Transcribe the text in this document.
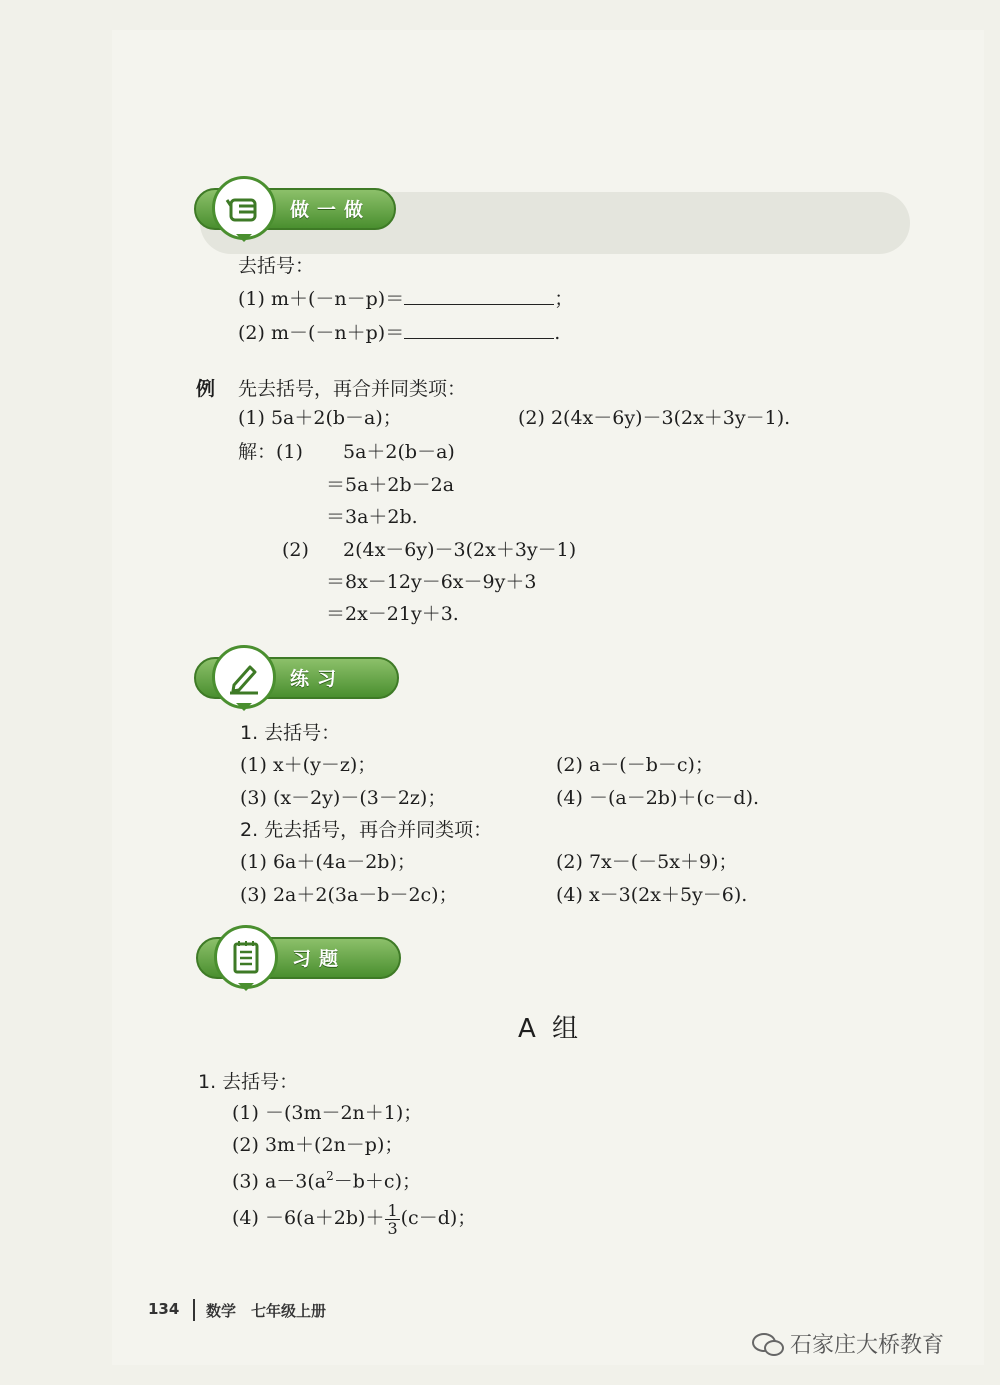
做一做
去括号：
(1) m＋(－n－p)＝	；
(2) m－(－n＋p)＝	.
例 先去括号，再合并同类项：
(1) 5a＋2(b－a)；	(2) 2(4x－6y)－3(2x＋3y－1).
解：(1) 5a＋2(b－a)
＝5a＋2b－2a
＝3a＋2b.
(2) 2(4x－6y)－3(2x＋3y－1)
＝8x－12y－6x－9y＋3
＝2x－21y＋3.
练习
1. 去括号：
(1) x＋(y－z)；	(2) a－(－b－c)；
(3) (x－2y)－(3－2z)；	(4) －(a－2b)＋(c－d).
2. 先去括号，再合并同类项：
(1) 6a＋(4a－2b)；	(2) 7x－(－5x＋9)；
(3) 2a＋2(3a－b－2c)；	(4) x－3(2x＋5y－6).
习题
A 组
1. 去括号：
(1) －(3m－2n＋1)；
(2) 3m＋(2n－p)；
(3) $a-3(a^2-b+c)$；
$(4) -6(a+2b)+ \frac{1}{3} (c-d)$；
134 数学　七年级上册
石家庄大桥教育
